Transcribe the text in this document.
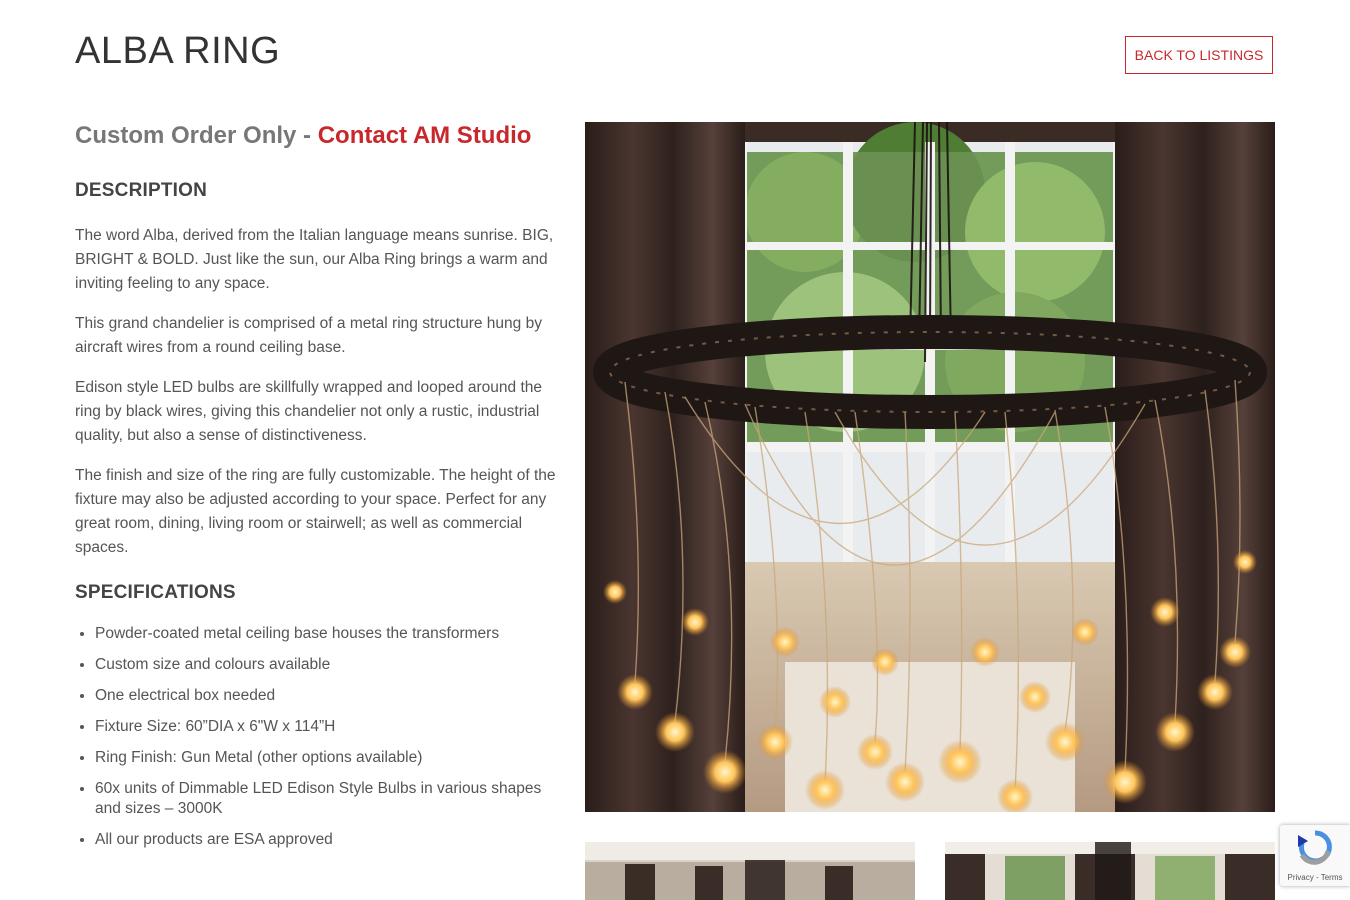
ALBA RING	BACK TO LISTINGS
Custom Order Only - Contact AM Studio
DESCRIPTION

The word Alba, derived from the Italian language means sunrise. BIG, BRIGHT & BOLD. Just like the sun, our Alba Ring brings a warm and inviting feeling to any space.

This grand chandelier is comprised of a metal ring structure hung by aircraft wires from a round ceiling base.

Edison style LED bulbs are skillfully wrapped and looped around the ring by black wires, giving this chandelier not only a rustic, industrial quality, but also a sense of distinctiveness.

The finish and size of the ring are fully customizable. The height of the fixture may also be adjusted according to your space. Perfect for any great room, dining, living room or stairwell; as well as commercial spaces.

SPECIFICATIONS
• Powder-coated metal ceiling base houses the transformers
• Custom size and colours available
• One electrical box needed
• Fixture Size: 60”DIA x 6"W x 114”H
• Ring Finish: Gun Metal (other options available)
• 60x units of Dimmable LED Edison Style Bulbs in various shapes and sizes – 3000K
• All our products are ESA approved
Privacy - Terms
